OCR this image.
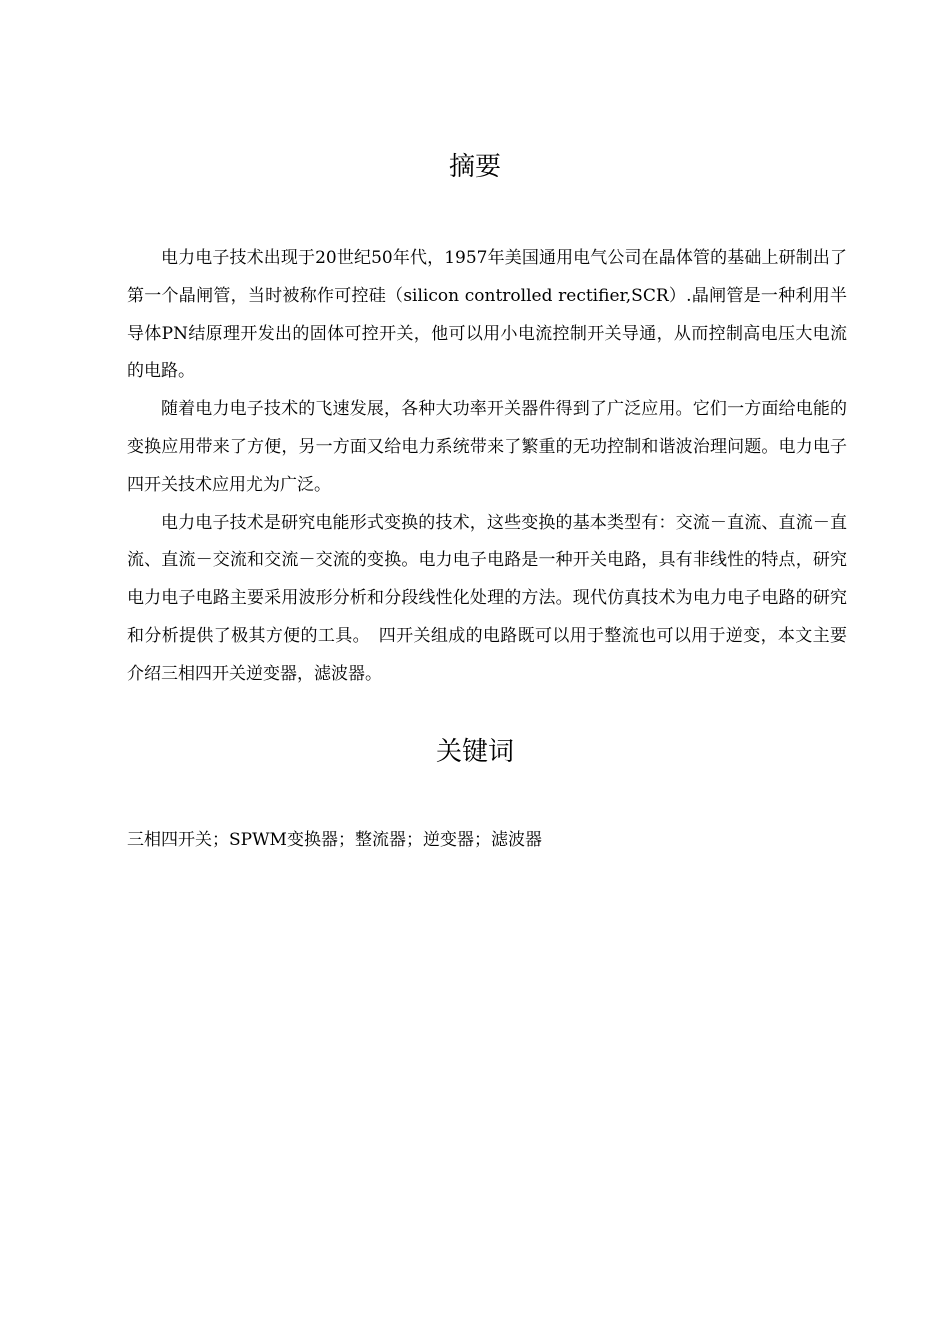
摘要

电力电子技术出现于20世纪50年代，1957年美国通用电气公司在晶体管的基础上研制出了第一个晶闸管，当时被称作可控硅（silicon controlled rectifier,SCR）.晶闸管是一种利用半导体PN结原理开发出的固体可控开关，他可以用小电流控制开关导通，从而控制高电压大电流的电路。

随着电力电子技术的飞速发展，各种大功率开关器件得到了广泛应用。它们一方面给电能的变换应用带来了方便，另一方面又给电力系统带来了繁重的无功控制和谐波治理问题。电力电子四开关技术应用尤为广泛。

电力电子技术是研究电能形式变换的技术，这些变换的基本类型有：交流－直流、直流－直流、直流－交流和交流－交流的变换。电力电子电路是一种开关电路，具有非线性的特点，研究电力电子电路主要采用波形分析和分段线性化处理的方法。现代仿真技术为电力电子电路的研究和分析提供了极其方便的工具。　四开关组成的电路既可以用于整流也可以用于逆变，本文主要介绍三相四开关逆变器，滤波器。

关键词

三相四开关；SPWM变换器；整流器；逆变器；滤波器
